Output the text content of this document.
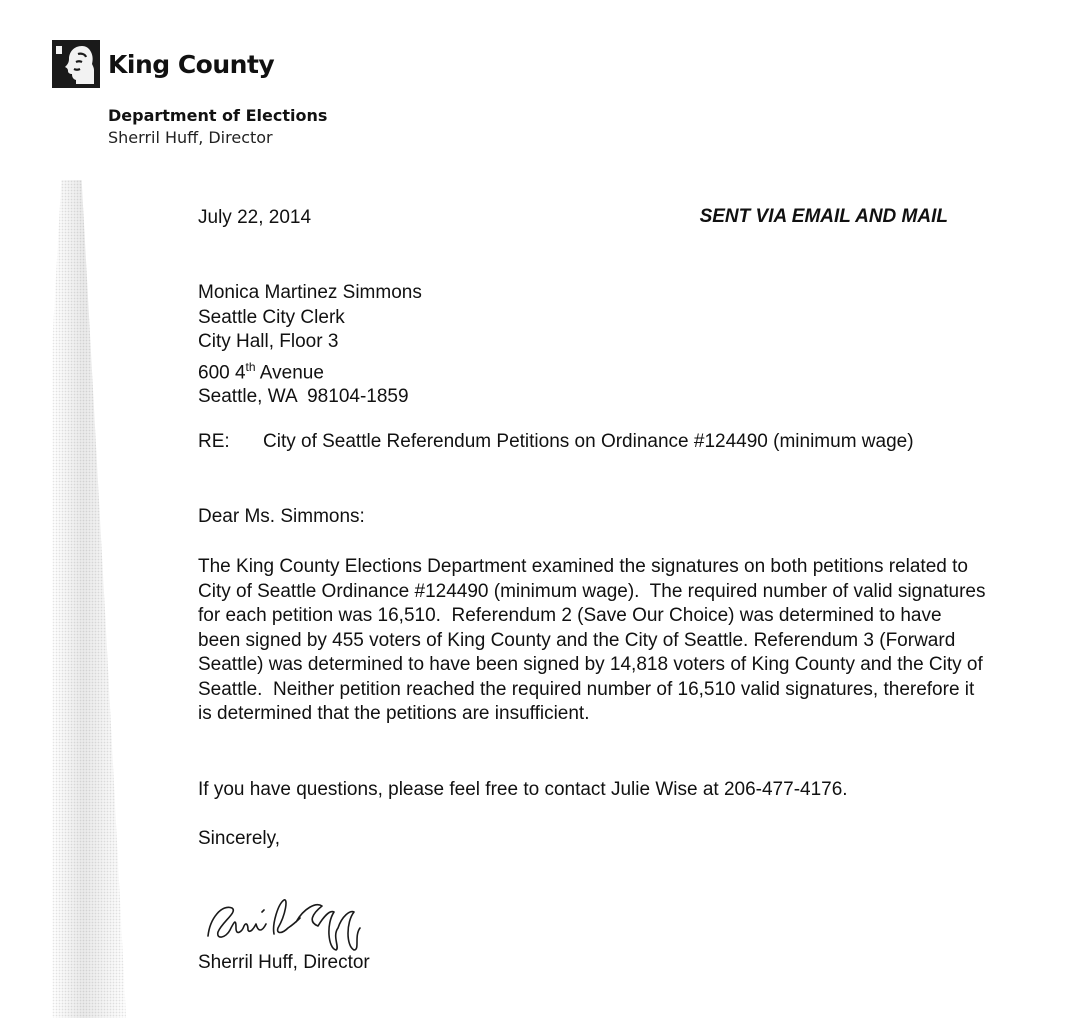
King County
Department of Elections
Sherril Huff, Director
July 22, 2014	SENT VIA EMAIL AND MAIL
Monica Martinez Simmons
Seattle City Clerk
City Hall, Floor 3
600 4th Avenue
Seattle, WA  98104-1859
RE:	City of Seattle Referendum Petitions on Ordinance #124490 (minimum wage)
Dear Ms. Simmons:
The King County Elections Department examined the signatures on both petitions related to City of Seattle Ordinance #124490 (minimum wage).  The required number of valid signatures for each petition was 16,510.  Referendum 2 (Save Our Choice) was determined to have been signed by 455 voters of King County and the City of Seattle. Referendum 3 (Forward Seattle) was determined to have been signed by 14,818 voters of King County and the City of Seattle.  Neither petition reached the required number of 16,510 valid signatures, therefore it is determined that the petitions are insufficient.
If you have questions, please feel free to contact Julie Wise at 206-477-4176.
Sincerely,
Sherril Huff, Director
